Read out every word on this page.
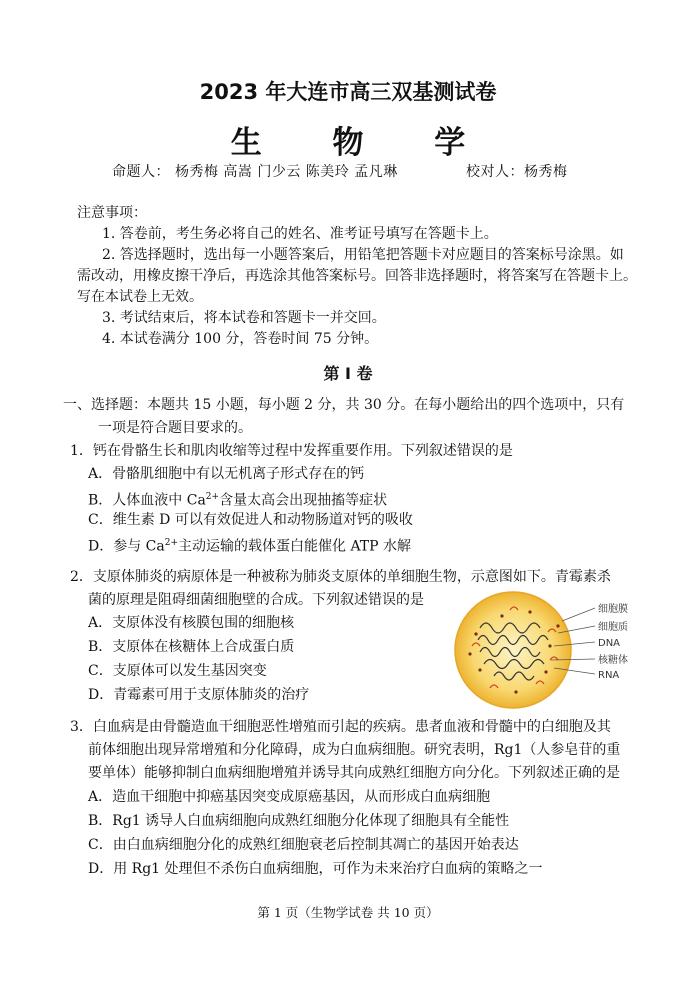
2023 年大连市高三双基测试卷
生 物 学
命题人： 杨秀梅 高嵩 门少云 陈美玲 孟凡琳	校对人：杨秀梅
注意事项：
1. 答卷前，考生务必将自己的姓名、准考证号填写在答题卡上。
2. 答选择题时，选出每一小题答案后，用铅笔把答题卡对应题目的答案标号涂黑。如
需改动，用橡皮擦干净后，再选涂其他答案标号。回答非选择题时，将答案写在答题卡上。
写在本试卷上无效。
3. 考试结束后，将本试卷和答题卡一并交回。
4. 本试卷满分 100 分，答卷时间 75 分钟。
第 I 卷
一、选择题：本题共 15 小题，每小题 2 分，共 30 分。在每小题给出的四个选项中，只有
一项是符合题目要求的。
1．钙在骨骼生长和肌肉收缩等过程中发挥重要作用。下列叙述错误的是
A．骨骼肌细胞中有以无机离子形式存在的钙
B．人体血液中 $Ca^{2+}$含量太高会出现抽搐等症状
C．维生素 D 可以有效促进人和动物肠道对钙的吸收
D．参与 $Ca^{2+}$主动运输的载体蛋白能催化 ATP 水解
2．支原体肺炎的病原体是一种被称为肺炎支原体的单细胞生物，示意图如下。青霉素杀
菌的原理是阻碍细菌细胞壁的合成。下列叙述错误的是
A．支原体没有核膜包围的细胞核
B．支原体在核糖体上合成蛋白质
C．支原体可以发生基因突变
D．青霉素可用于支原体肺炎的治疗
细胞膜
细胞质
DNA
核糖体
RNA
3．白血病是由骨髓造血干细胞恶性增殖而引起的疾病。患者血液和骨髓中的白细胞及其
前体细胞出现异常增殖和分化障碍，成为白血病细胞。研究表明，Rg1（人参皂苷的重
要单体）能够抑制白血病细胞增殖并诱导其向成熟红细胞方向分化。下列叙述正确的是
A．造血干细胞中抑癌基因突变成原癌基因，从而形成白血病细胞
B．Rg1 诱导人白血病细胞向成熟红细胞分化体现了细胞具有全能性
C．由白血病细胞分化的成熟红细胞衰老后控制其凋亡的基因开始表达
D．用 Rg1 处理但不杀伤白血病细胞，可作为未来治疗白血病的策略之一
第 1 页（生物学试卷 共 10 页）
